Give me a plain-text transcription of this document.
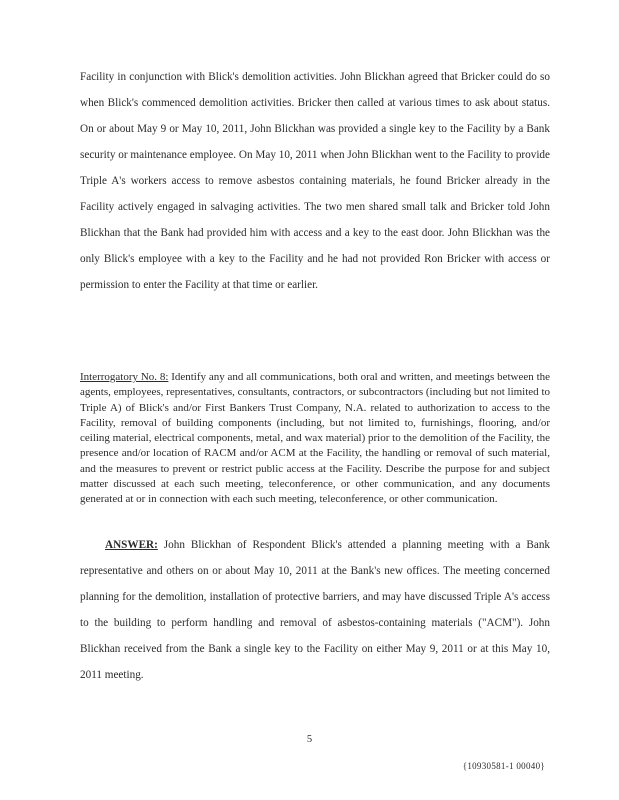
Facility in conjunction with Blick's demolition activities. John Blickhan agreed that Bricker could do so when Blick's commenced demolition activities. Bricker then called at various times to ask about status. On or about May 9 or May 10, 2011, John Blickhan was provided a single key to the Facility by a Bank security or maintenance employee. On May 10, 2011 when John Blickhan went to the Facility to provide Triple A's workers access to remove asbestos containing materials, he found Bricker already in the Facility actively engaged in salvaging activities. The two men shared small talk and Bricker told John Blickhan that the Bank had provided him with access and a key to the east door. John Blickhan was the only Blick's employee with a key to the Facility and he had not provided Ron Bricker with access or permission to enter the Facility at that time or earlier.

Interrogatory No. 8: Identify any and all communications, both oral and written, and meetings between the agents, employees, representatives, consultants, contractors, or subcontractors (including but not limited to Triple A) of Blick's and/or First Bankers Trust Company, N.A. related to authorization to access to the Facility, removal of building components (including, but not limited to, furnishings, flooring, and/or ceiling material, electrical components, metal, and wax material) prior to the demolition of the Facility, the presence and/or location of RACM and/or ACM at the Facility, the handling or removal of such material, and the measures to prevent or restrict public access at the Facility. Describe the purpose for and subject matter discussed at each such meeting, teleconference, or other communication, and any documents generated at or in connection with each such meeting, teleconference, or other communication.

ANSWER: John Blickhan of Respondent Blick's attended a planning meeting with a Bank representative and others on or about May 10, 2011 at the Bank's new offices. The meeting concerned planning for the demolition, installation of protective barriers, and may have discussed Triple A's access to the building to perform handling and removal of asbestos-containing materials ("ACM"). John Blickhan received from the Bank a single key to the Facility on either May 9, 2011 or at this May 10, 2011 meeting.

5
{10930581-1 00040}
